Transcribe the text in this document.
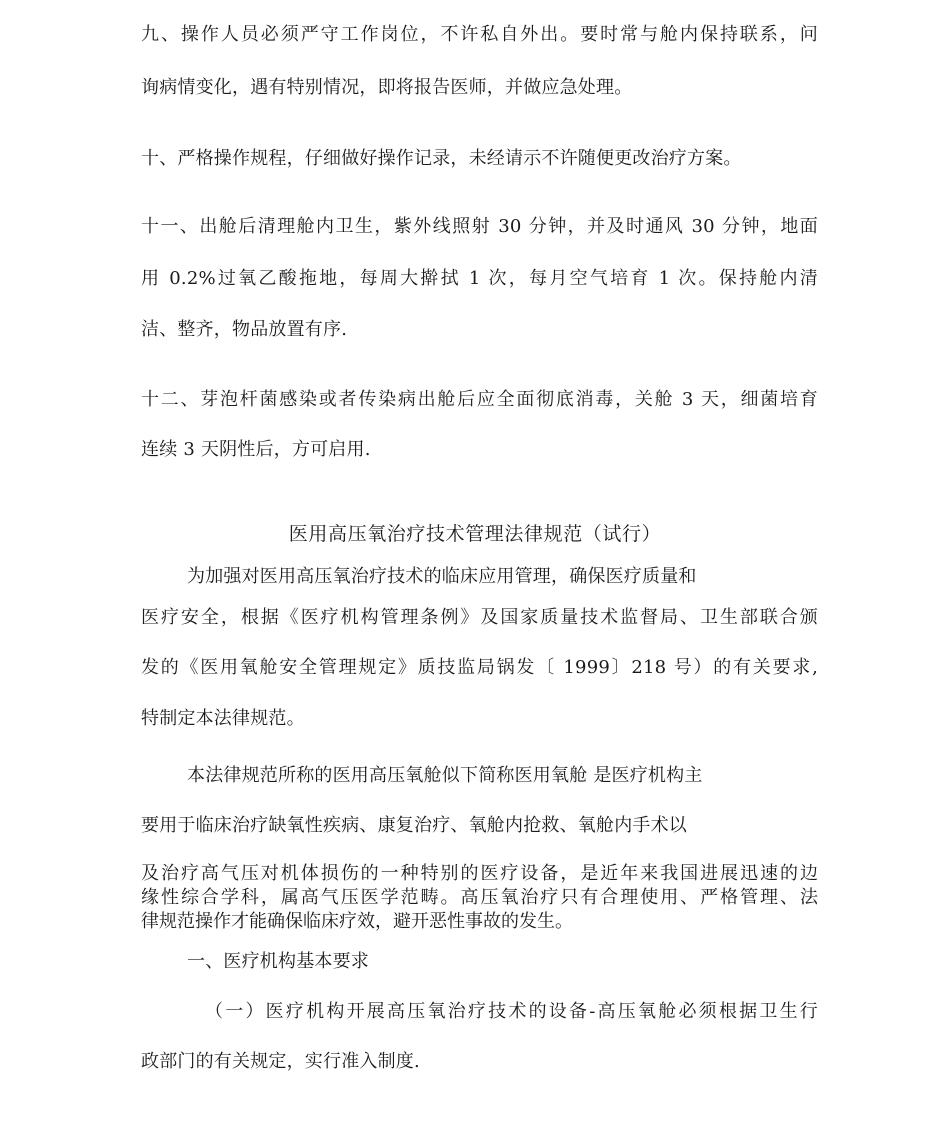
九、操作人员必须严守工作岗位，不许私自外出。要时常与舱内保持联系，问
询病情变化，遇有特别情况，即将报告医师，并做应急处理。
十、严格操作规程，仔细做好操作记录，未经请示不许随便更改治疗方案。
十一、出舱后清理舱内卫生，紫外线照射 30 分钟，并及时通风 30 分钟，地面
用 0.2%过氧乙酸拖地，每周大擀拭 1 次，每月空气培育 1 次。保持舱内清
洁、整齐，物品放置有序.
十二、芽泡杆菌感染或者传染病出舱后应全面彻底消毒，关舱 3 天，细菌培育
连续 3 天阴性后，方可启用.
医用高压氧治疗技术管理法律规范（试行）
为加强对医用高压氧治疗技术的临床应用管理，确保医疗质量和
医疗安全，根据《医疗机构管理条例》及国家质量技术监督局、卫生部联合颁
发的《医用氧舱安全管理规定》质技监局锅发〔 1999〕218 号）的有关要求,
特制定本法律规范。
本法律规范所称的医用高压氧舱似下简称医用氧舱 是医疗机构主
要用于临床治疗缺氧性疾病、康复治疗、氧舱内抢救、氧舱内手术以
及治疗高气压对机体损伤的一种特别的医疗设备，是近年来我国进展迅速的边
缘性综合学科，属高气压医学范畴。高压氧治疗只有合理使用、严格管理、法
律规范操作才能确保临床疗效，避开恶性事故的发生。
一、医疗机构基本要求
（一）医疗机构开展高压氧治疗技术的设备-高压氧舱必须根据卫生行
政部门的有关规定，实行准入制度.
